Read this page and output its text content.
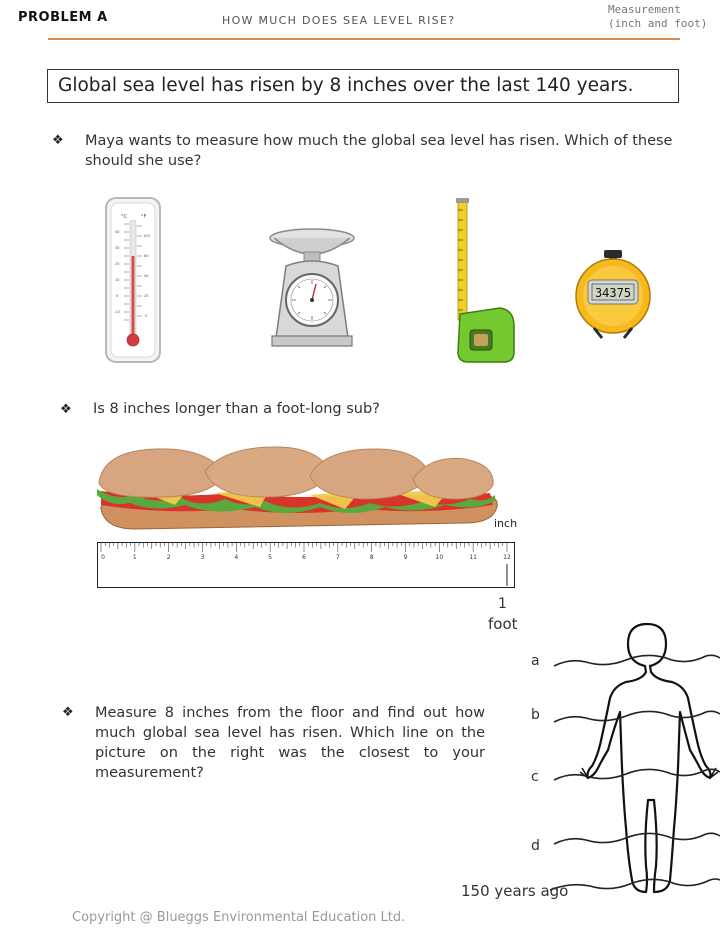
PROBLEM A	HOW MUCH DOES SEA LEVEL RISE?
Measurement
(inch and foot)
Global sea level has risen by 8 inches over the last 140 years.
❖ Maya wants to measure how much the global sea level has risen. Which of these
should she use?
°C	°F
40
30
20
10
0
-10
100
80
40
20
0
34375
❖ Is 8 inches longer than a foot-long sub?
inch
0	1	2	3	4	5	6	7	8	9	10	11	12
1
foot
❖ Measure 8 inches from the floor and find out how much global sea level has risen. Which line on the picture on the right was the closest to your measurement?
a
b
c
d
150 years ago
Copyright @ Blueggs Environmental Education Ltd.
